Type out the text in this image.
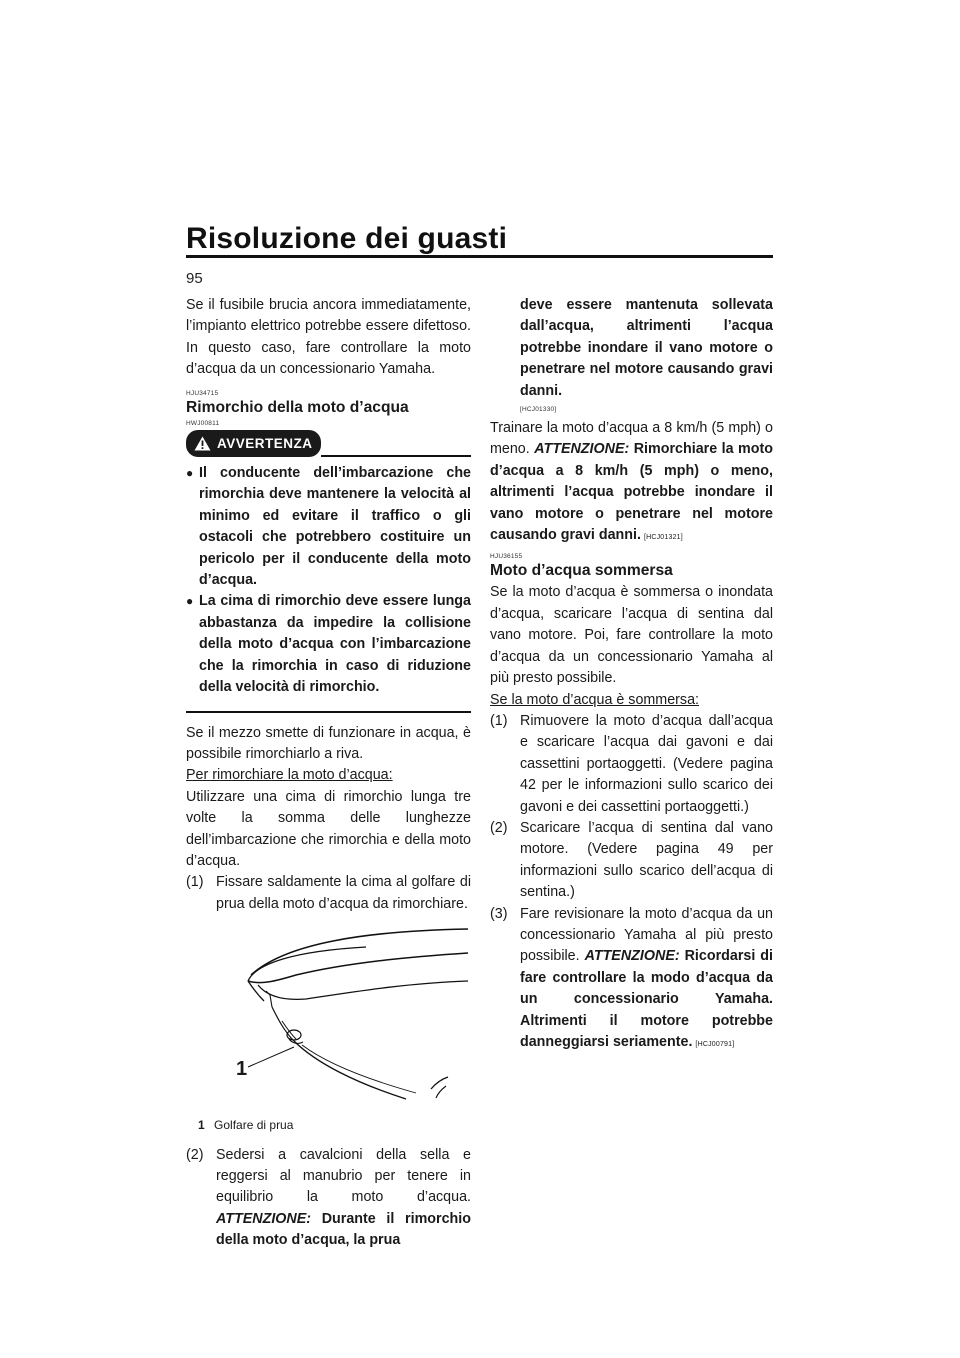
Risoluzione dei guasti
95

Se il fusibile brucia ancora immediatamente, l’impianto elettrico potrebbe essere difettoso. In questo caso, fare controllare la moto d’acqua da un concessionario Yamaha.

HJU34715
Rimorchio della moto d’acqua
HWJ00811
AVVERTENZA
● Il conducente dell’imbarcazione che rimorchia deve mantenere la velocità al minimo ed evitare il traffico o gli ostacoli che potrebbero costituire un pericolo per il conducente della moto d’acqua.
● La cima di rimorchio deve essere lunga abbastanza da impedire la collisione della moto d’acqua con l’imbarcazione che la rimorchia in caso di riduzione della velocità di rimorchio.

Se il mezzo smette di funzionare in acqua, è possibile rimorchiarlo a riva.

Per rimorchiare la moto d’acqua:

Utilizzare una cima di rimorchio lunga tre volte la somma delle lunghezze dell’imbarcazione che rimorchia e della moto d’acqua.

(1) Fissare saldamente la cima al golfare di prua della moto d’acqua da rimorchiare.
1
1 Golfare di prua
(2) Sedersi a cavalcioni della sella e reggersi al manubrio per tenere in equilibrio la moto d’acqua. ATTENZIONE: Durante il rimorchio della moto d’acqua, la prua
deve essere mantenuta sollevata dall’acqua, altrimenti l’acqua potrebbe inondare il vano motore o penetrare nel motore causando gravi danni.
[HCJ01330]

Trainare la moto d’acqua a 8 km/h (5 mph) o meno. ATTENZIONE: Rimorchiare la moto d’acqua a 8 km/h (5 mph) o meno, altrimenti l’acqua potrebbe inondare il vano motore o penetrare nel motore causando gravi danni. [HCJ01321]

HJU36155
Moto d’acqua sommersa

Se la moto d’acqua è sommersa o inondata d’acqua, scaricare l’acqua di sentina dal vano motore. Poi, fare controllare la moto d’acqua da un concessionario Yamaha al più presto possibile.

Se la moto d’acqua è sommersa:

(1) Rimuovere la moto d’acqua dall’acqua e scaricare l’acqua dai gavoni e dai cassettini portaoggetti. (Vedere pagina 42 per le informazioni sullo scarico dei gavoni e dei cassettini portaoggetti.)
(2) Scaricare l’acqua di sentina dal vano motore. (Vedere pagina 49 per informazioni sullo scarico dell’acqua di sentina.)
(3) Fare revisionare la moto d’acqua da un concessionario Yamaha al più presto possibile. ATTENZIONE: Ricordarsi di fare controllare la modo d’acqua da un concessionario Yamaha. Altrimenti il motore potrebbe danneggiarsi seriamente. [HCJ00791]
